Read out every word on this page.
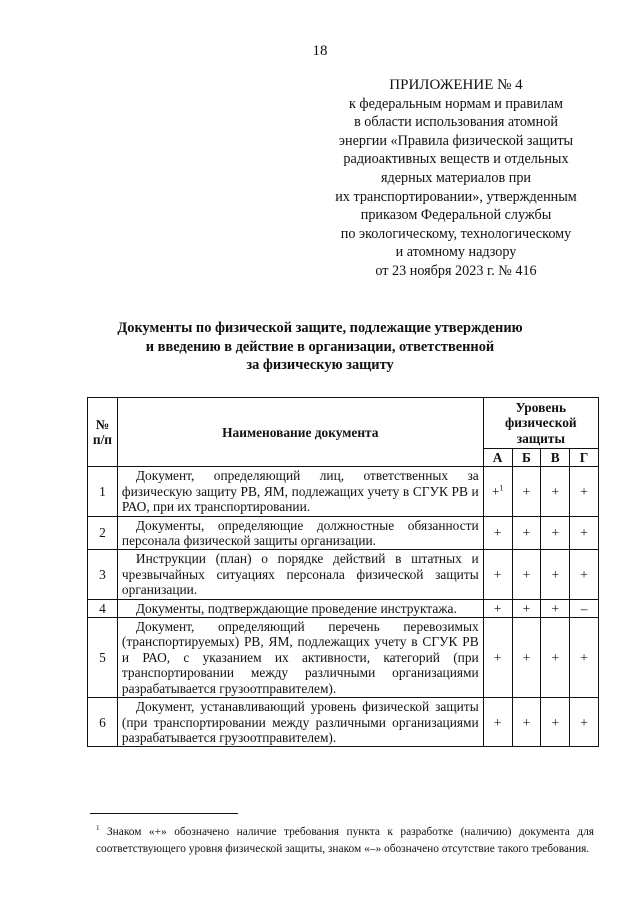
18
ПРИЛОЖЕНИЕ № 4
к федеральным нормам и правилам
в области использования атомной
энергии «Правила физической защиты
радиоактивных веществ и отдельных
ядерных материалов при
их транспортировании», утвержденным
приказом Федеральной службы
по экологическому, технологическому
и атомному надзору
от 23 ноября 2023 г. № 416
Документы по физической защите, подлежащие утверждению
и введению в действие в организации, ответственной
за физическую защиту
№
п/п	Наименование документа	Уровень физической защиты			
		А	Б	В	Г
1	Документ, определяющий лиц, ответственных за физическую защиту РВ, ЯМ, подлежащих учету в СГУК РВ и РАО, при их транспортировании.	+$^1$	+	+	+
2	Документы, определяющие должностные обязанности персонала физической защиты организации.	+	+	+	+
3	Инструкции (план) о порядке действий в штатных и чрезвычайных ситуациях персонала физической защиты организации.	+	+	+	+
4	Документы, подтверждающие проведение инструктажа.	+	+	+	–
5	Документ, определяющий перечень перевозимых (транспортируемых) РВ, ЯМ, подлежащих учету в СГУК РВ и РАО, с указанием их активности, категорий (при транспортировании между различными организациями разрабатывается грузоотправителем).	+	+	+	+
6	Документ, устанавливающий уровень физической защиты (при транспортировании между различными организациями разрабатывается грузоотправителем).	+	+	+	+
$^1$ Знаком «+» обозначено наличие требования пункта к разработке (наличию) документа для соответствующего уровня физической защиты, знаком «–» обозначено отсутствие такого требования.
